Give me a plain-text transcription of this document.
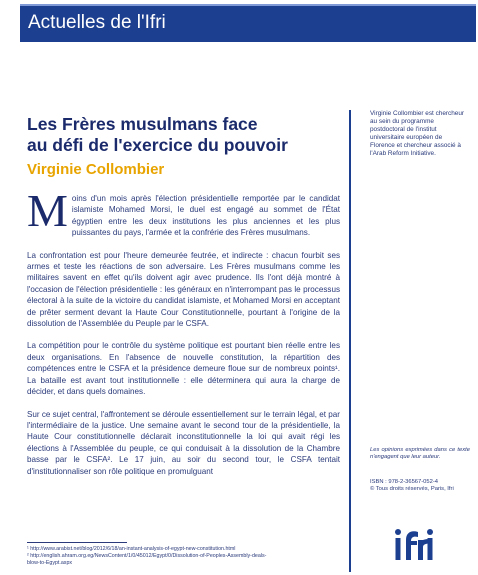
Actuelles de l'Ifri
Les Frères musulmans face
au défi de l'exercice du pouvoir
Virginie Collombier

Moins d'un mois après l'élection présidentielle remportée par le candidat islamiste Mohamed Morsi, le duel est engagé au sommet de l'État égyptien entre les deux institutions les plus anciennes et les plus puissantes du pays, l'armée et la confrérie des Frères musulmans.

La confrontation est pour l'heure demeurée feutrée, et indirecte : chacun fourbit ses armes et teste les réactions de son adversaire. Les Frères musulmans comme les militaires savent en effet qu'ils doivent agir avec prudence. Ils l'ont déjà montré à l'occasion de l'élection présidentielle : les généraux en n'interrompant pas le processus électoral à la suite de la victoire du candidat islamiste, et Mohamed Morsi en acceptant de prêter serment devant la Haute Cour Constitutionnelle, pourtant à l'origine de la dissolution de l'Assemblée du Peuple par le CSFA.

La compétition pour le contrôle du système politique est pourtant bien réelle entre les deux organisations. En l'absence de nouvelle constitution, la répartition des compétences entre le CSFA et la présidence demeure floue sur de nombreux points¹. La bataille est avant tout institutionnelle : elle déterminera qui aura la charge de décider, et dans quels domaines.

Sur ce sujet central, l'affrontement se déroule essentiellement sur le terrain légal, et par l'intermédiaire de la justice. Une semaine avant le second tour de la présidentielle, la Haute Cour constitutionnelle déclarait inconstitutionnelle la loi qui avait régi les élections à l'Assemblée du peuple, ce qui conduisait à la dissolution de la Chambre basse par le CSFA². Le 17 juin, au soir du second tour, le CSFA tentait d'institutionnaliser son rôle politique en promulguant

Virginie Collombier est chercheur au sein du programme postdoctoral de l'institut universitaire européen de Florence et chercheur associé à l'Arab Reform Initiative.
Les opinions exprimées dans ce texte n'engagent que leur auteur.
ISBN : 978-2-36567-052-4
© Tous droits réservés, Paris, Ifri
¹ http://www.arabist.net/blog/2012/6/18/an-instant-analysis-of-egypt-new-constitution.html
² http://english.ahram.org.eg/NewsContent/1/0/45012/Egypt/0/Dissolution-of-Peoples-Assembly-deals-
blow-to-Egypt.aspx
